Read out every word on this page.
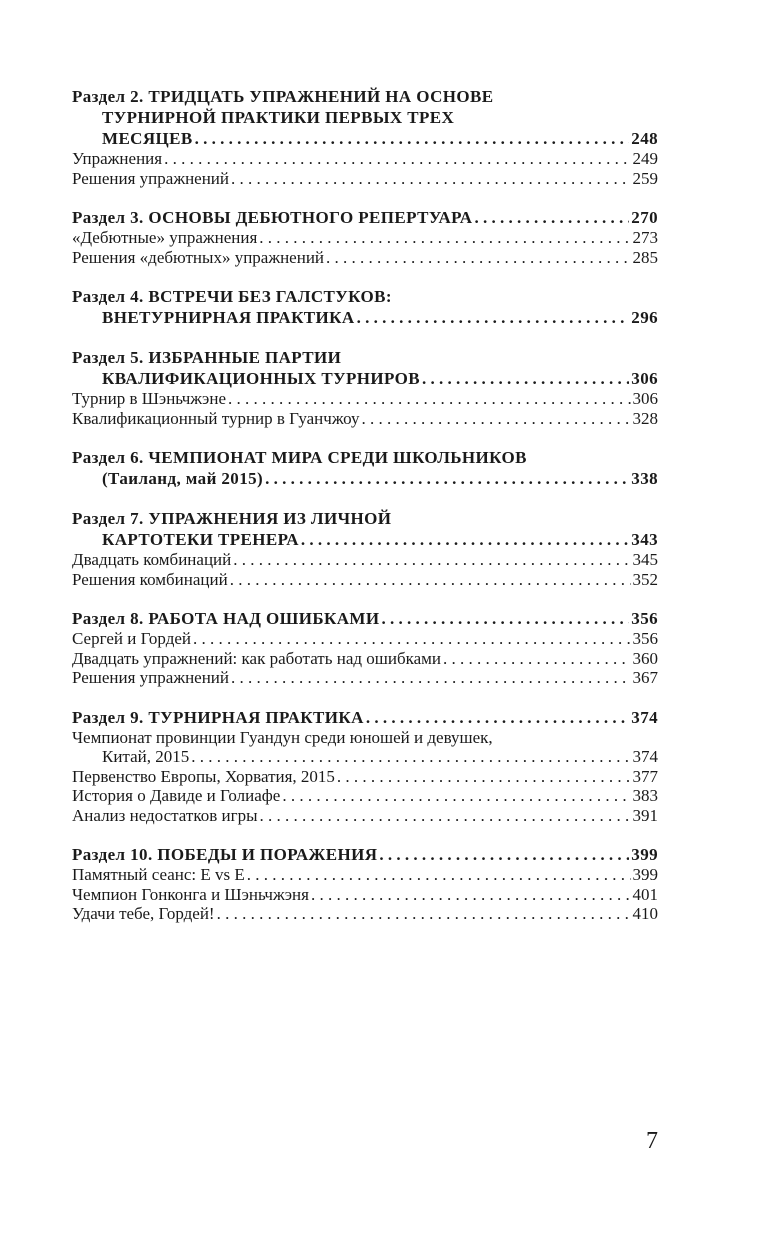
Раздел 2. ТРИДЦАТЬ УПРАЖНЕНИЙ НА ОСНОВЕ
ТУРНИРНОЙ ПРАКТИКИ ПЕРВЫХ ТРЕХ
МЕСЯЦЕВ . . .	248
Упражнения . . .	249
Решения упражнений . . .	259
Раздел 3. ОСНОВЫ ДЕБЮТНОГО РЕПЕРТУАРА . . .	270
«Дебютные» упражнения . . .	273
Решения «дебютных» упражнений . . .	285
Раздел 4. ВСТРЕЧИ БЕЗ ГАЛСТУКОВ:
ВНЕТУРНИРНАЯ ПРАКТИКА . . .	296
Раздел 5. ИЗБРАННЫЕ ПАРТИИ
КВАЛИФИКАЦИОННЫХ ТУРНИРОВ . . .	306
Турнир в Шэньчжэне . . .	306
Квалификационный турнир в Гуанчжоу . . .	328
Раздел 6. ЧЕМПИОНАТ МИРА СРЕДИ ШКОЛЬНИКОВ
(Таиланд, май 2015) . . .	338
Раздел 7. УПРАЖНЕНИЯ ИЗ ЛИЧНОЙ
КАРТОТЕКИ ТРЕНЕРА . . .	343
Двадцать комбинаций . . .	345
Решения комбинаций . . .	352
Раздел 8. РАБОТА НАД ОШИБКАМИ . . .	356
Сергей и Гордей . . .	356
Двадцать упражнений: как работать над ошибками . . .	360
Решения упражнений . . .	367
Раздел 9. ТУРНИРНАЯ ПРАКТИКА . . .	374
Чемпионат провинции Гуандун среди юношей и девушек,
Китай, 2015 . . .	374
Первенство Европы, Хорватия, 2015 . . .	377
История о Давиде и Голиафе . . .	383
Анализ недостатков игры . . .	391
Раздел 10. ПОБЕДЫ И ПОРАЖЕНИЯ . . .	399
Памятный сеанс: Е vs Е . . .	399
Чемпион Гонконга и Шэньчжэня . . .	401
Удачи тебе, Гордей! . . .	410
7
